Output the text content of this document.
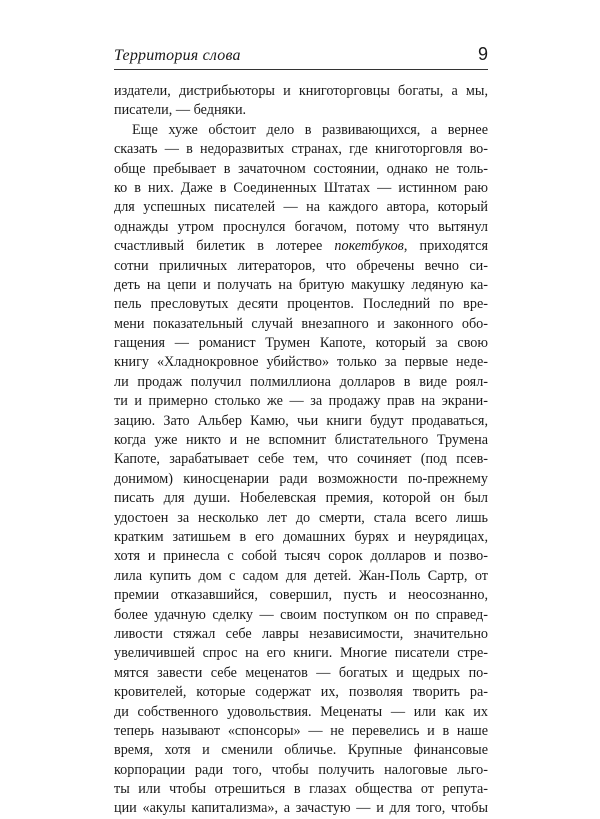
Территория слова	9
издатели, дистрибьюторы и книготорговцы богаты, а мы,
писатели, — бедняки.
Еще хуже обстоит дело в развивающихся, а вернее
сказать — в недоразвитых странах, где книготорговля во-
обще пребывает в зачаточном состоянии, однако не толь-
ко в них. Даже в Соединенных Штатах — истинном раю
для успешных писателей — на каждого автора, который
однажды утром проснулся богачом, потому что вытянул
счастливый билетик в лотерее покетбуков, приходятся
сотни приличных литераторов, что обречены вечно си-
деть на цепи и получать на бритую макушку ледяную ка-
пель пресловутых десяти процентов. Последний по вре-
мени показательный случай внезапного и законного обо-
гащения — романист Трумен Капоте, который за свою
книгу «Хладнокровное убийство» только за первые неде-
ли продаж получил полмиллиона долларов в виде роял-
ти и примерно столько же — за продажу прав на экрани-
зацию. Зато Альбер Камю, чьи книги будут продаваться,
когда уже никто и не вспомнит блистательного Трумена
Капоте, зарабатывает себе тем, что сочиняет (под псев-
донимом) киносценарии ради возможности по-прежнему
писать для души. Нобелевская премия, которой он был
удостоен за несколько лет до смерти, стала всего лишь
кратким затишьем в его домашних бурях и неурядицах,
хотя и принесла с собой тысяч сорок долларов и позво-
лила купить дом с садом для детей. Жан-Поль Сартр, от
премии отказавшийся, совершил, пусть и неосознанно,
более удачную сделку — своим поступком он по справед-
ливости стяжал себе лавры независимости, значительно
увеличившей спрос на его книги. Многие писатели стре-
мятся завести себе меценатов — богатых и щедрых по-
кровителей, которые содержат их, позволяя творить ра-
ди собственного удовольствия. Меценаты — или как их
теперь называют «спонсоры» — не перевелись и в наше
время, хотя и сменили обличье. Крупные финансовые
корпорации ради того, чтобы получить налоговые льго-
ты или чтобы отрешиться в глазах общества от репута-
ции «акулы капитализма», а зачастую — и для того, чтобы
